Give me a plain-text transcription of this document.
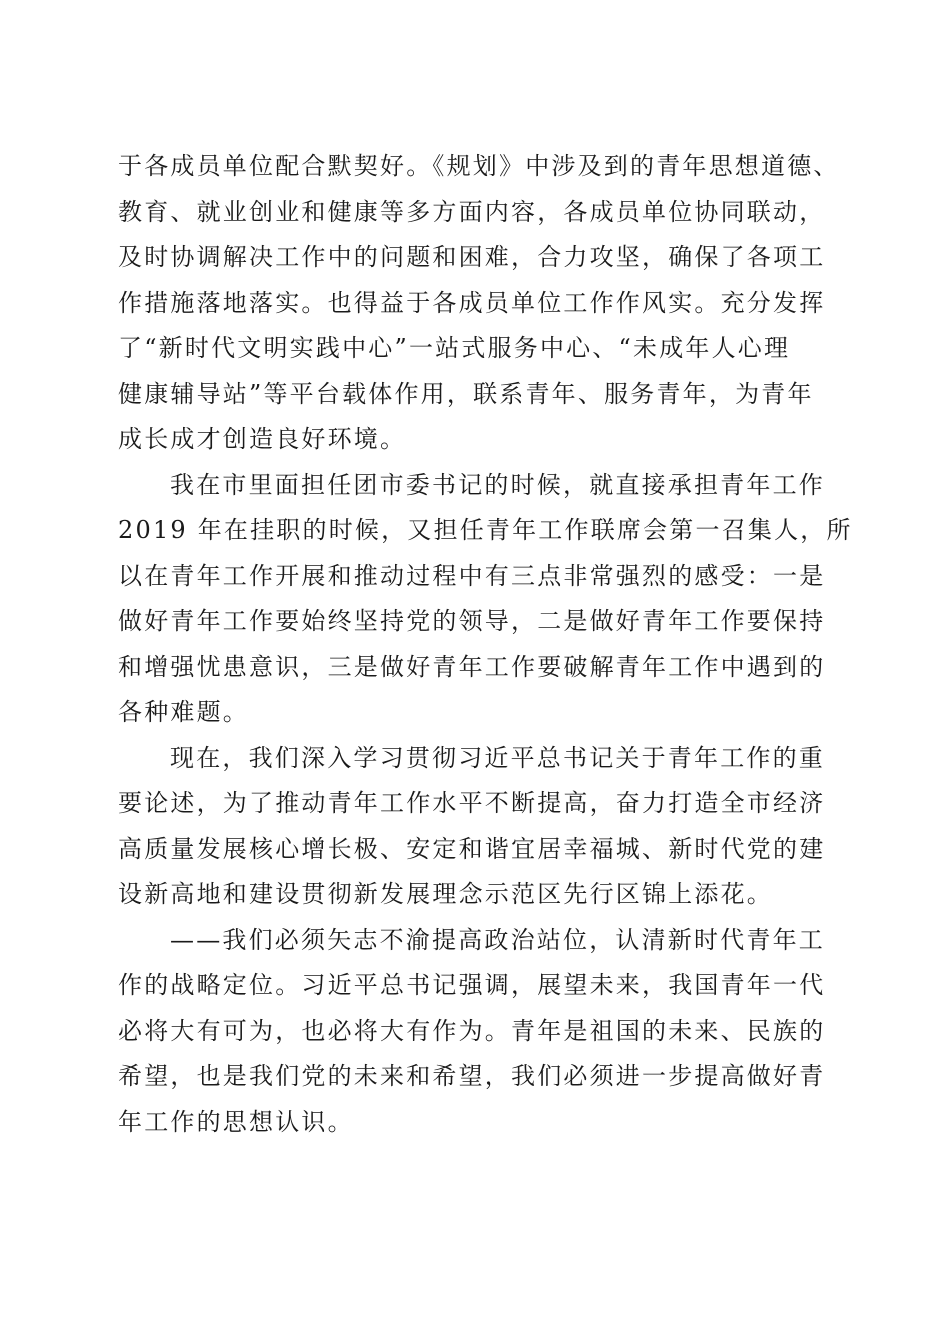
于各成员单位配合默契好。《规划》中涉及到的青年思想道德、
教育、就业创业和健康等多方面内容，各成员单位协同联动，
及时协调解决工作中的问题和困难，合力攻坚，确保了各项工
作措施落地落实。也得益于各成员单位工作作风实。充分发挥
了“新时代文明实践中心”一站式服务中心、“未成年人心理
健康辅导站”等平台载体作用，联系青年、服务青年，为青年
成长成才创造良好环境。
我在市里面担任团市委书记的时候，就直接承担青年工作
2019 年在挂职的时候，又担任青年工作联席会第一召集人，所
以在青年工作开展和推动过程中有三点非常强烈的感受：一是
做好青年工作要始终坚持党的领导，二是做好青年工作要保持
和增强忧患意识，三是做好青年工作要破解青年工作中遇到的
各种难题。
现在，我们深入学习贯彻习近平总书记关于青年工作的重
要论述，为了推动青年工作水平不断提高，奋力打造全市经济
高质量发展核心增长极、安定和谐宜居幸福城、新时代党的建
设新高地和建设贯彻新发展理念示范区先行区锦上添花。
——我们必须矢志不渝提高政治站位，认清新时代青年工
作的战略定位。习近平总书记强调，展望未来，我国青年一代
必将大有可为，也必将大有作为。青年是祖国的未来、民族的
希望，也是我们党的未来和希望，我们必须进一步提高做好青
年工作的思想认识。
